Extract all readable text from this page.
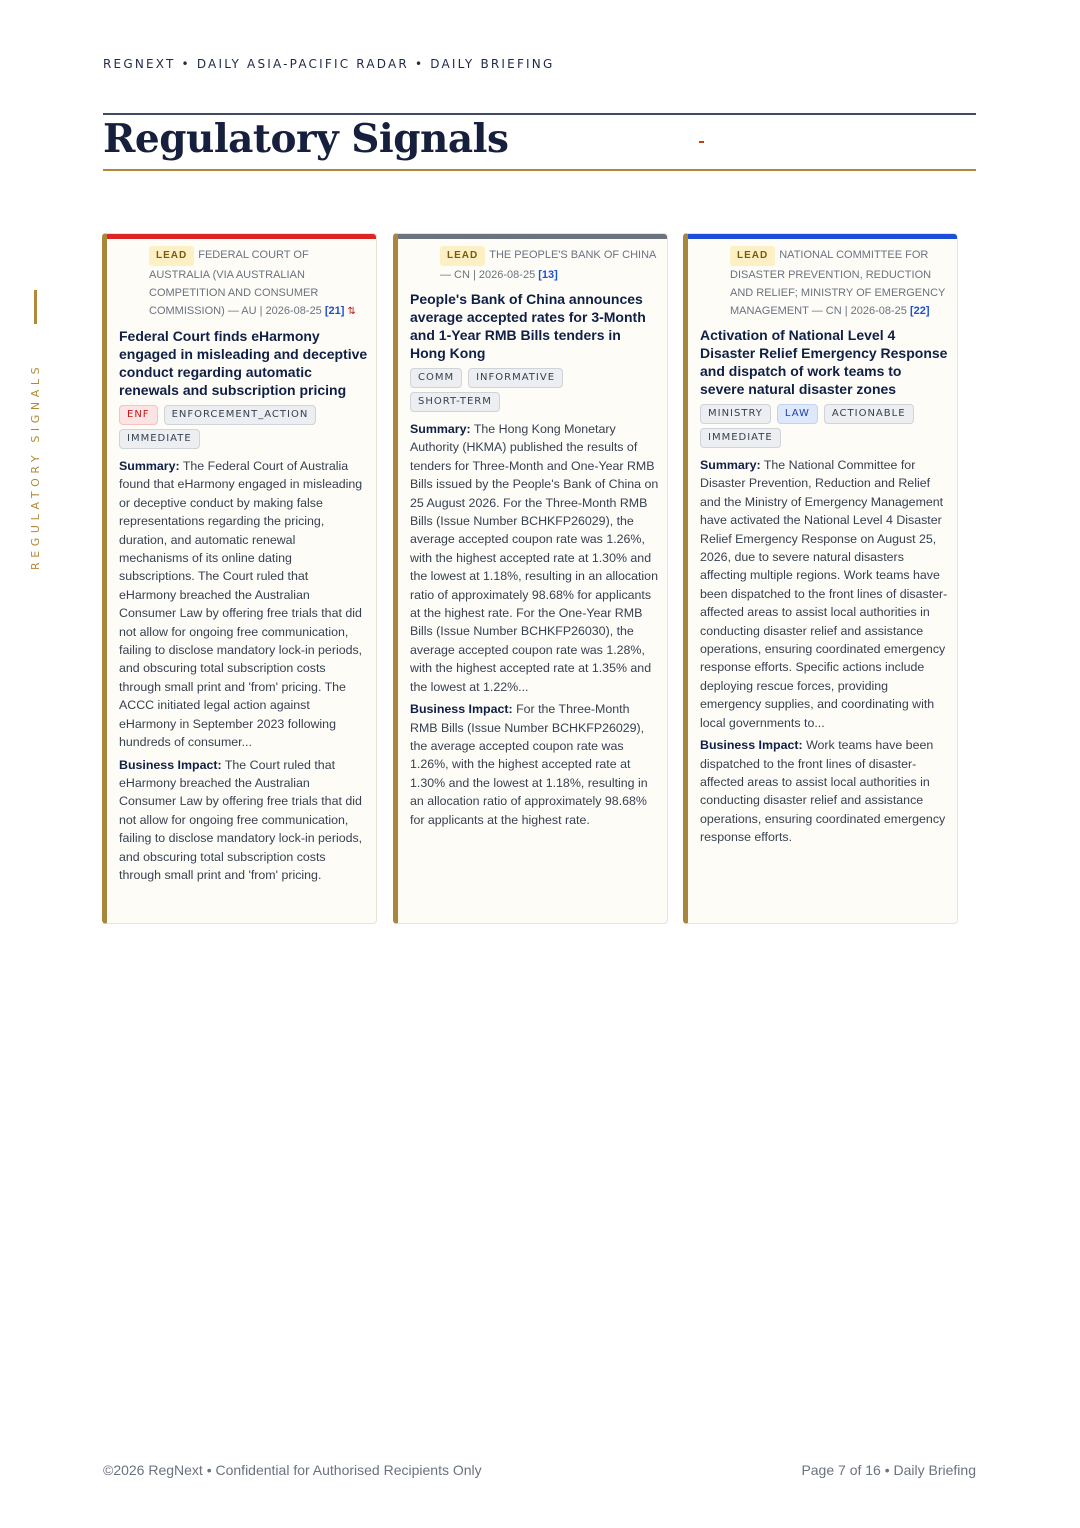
REGNEXT • DAILY ASIA-PACIFIC RADAR • DAILY BRIEFING
Regulatory Signals
REGULATORY SIGNALS
LEAD FEDERAL COURT OF AUSTRALIA (VIA AUSTRALIAN COMPETITION AND CONSUMER COMMISSION) — AU | 2026-08-25 [21] ⇅
Federal Court finds eHarmony engaged in misleading and deceptive conduct regarding automatic renewals and subscription pricing
ENF ENFORCEMENT_ACTIONIMMEDIATE

Summary: The Federal Court of Australia found that eHarmony engaged in misleading or deceptive conduct by making false representations regarding the pricing, duration, and automatic renewal mechanisms of its online dating subscriptions. The Court ruled that eHarmony breached the Australian Consumer Law by offering free trials that did not allow for ongoing free communication, failing to disclose mandatory lock-in periods, and obscuring total subscription costs through small print and 'from' pricing. The ACCC initiated legal action against eHarmony in September 2023 following hundreds of consumer...

Business Impact: The Court ruled that eHarmony breached the Australian Consumer Law by offering free trials that did not allow for ongoing free communication, failing to disclose mandatory lock-in periods, and obscuring total subscription costs through small print and 'from' pricing.

LEAD THE PEOPLE'S BANK OF CHINA — CN | 2026-08-25 [13]
People's Bank of China announces average accepted rates for 3-Month and 1-Year RMB Bills tenders in Hong Kong
COMM INFORMATIVESHORT-TERM

Summary: The Hong Kong Monetary Authority (HKMA) published the results of tenders for Three-Month and One-Year RMB Bills issued by the People's Bank of China on 25 August 2026. For the Three-Month RMB Bills (Issue Number BCHKFP26029), the average accepted coupon rate was 1.26%, with the highest accepted rate at 1.30% and the lowest at 1.18%, resulting in an allocation ratio of approximately 98.68% for applicants at the highest rate. For the One-Year RMB Bills (Issue Number BCHKFP26030), the average accepted coupon rate was 1.28%, with the highest accepted rate at 1.35% and the lowest at 1.22%...

Business Impact: For the Three-Month RMB Bills (Issue Number BCHKFP26029), the average accepted coupon rate was 1.26%, with the highest accepted rate at 1.30% and the lowest at 1.18%, resulting in an allocation ratio of approximately 98.68% for applicants at the highest rate.

LEAD NATIONAL COMMITTEE FOR DISASTER PREVENTION, REDUCTION AND RELIEF; MINISTRY OF EMERGENCY MANAGEMENT — CN | 2026-08-25 [22]
Activation of National Level 4 Disaster Relief Emergency Response and dispatch of work teams to severe natural disaster zones
MINISTRY LAW ACTIONABLEIMMEDIATE

Summary: The National Committee for Disaster Prevention, Reduction and Relief and the Ministry of Emergency Management have activated the National Level 4 Disaster Relief Emergency Response on August 25, 2026, due to severe natural disasters affecting multiple regions. Work teams have been dispatched to the front lines of disaster-affected areas to assist local authorities in conducting disaster relief and assistance operations, ensuring coordinated emergency response efforts. Specific actions include deploying rescue forces, providing emergency supplies, and coordinating with local governments to...

Business Impact: Work teams have been dispatched to the front lines of disaster-affected areas to assist local authorities in conducting disaster relief and assistance operations, ensuring coordinated emergency response efforts.

©2026 RegNext • Confidential for Authorised Recipients Only	Page 7 of 16 • Daily Briefing
